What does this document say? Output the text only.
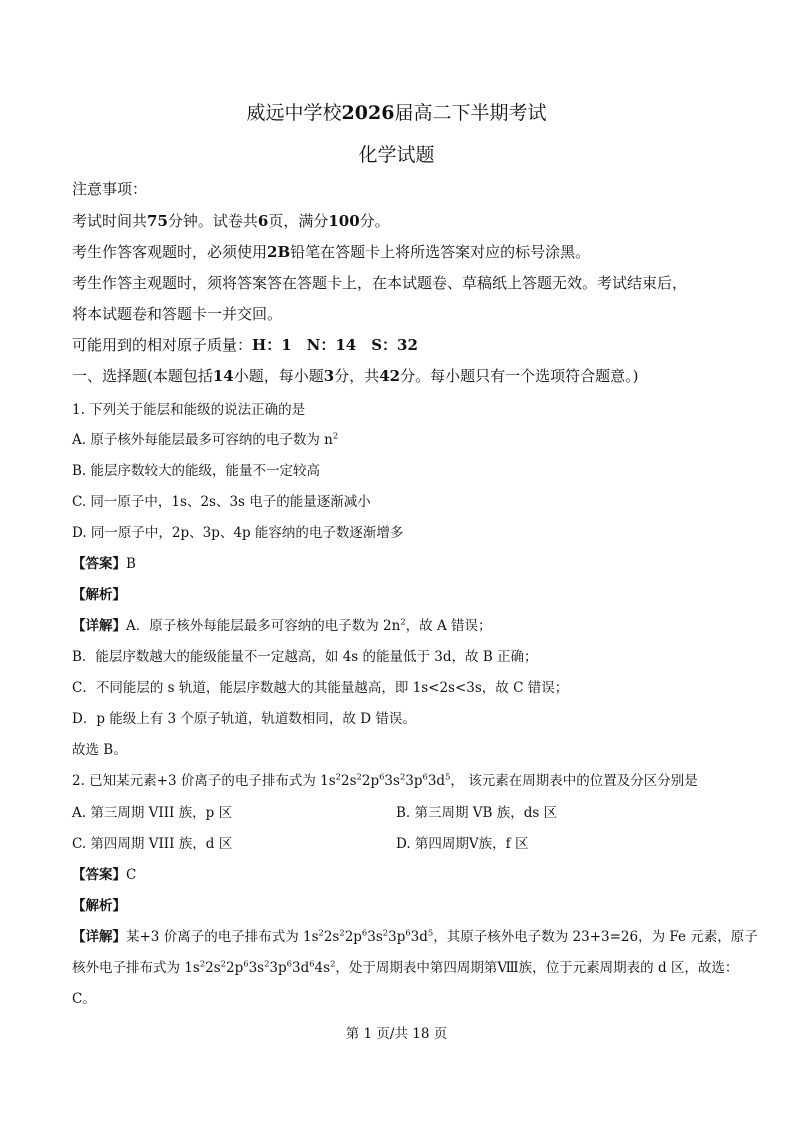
威远中学校2026届高二下半期考试
化学试题
注意事项：
考试时间共75分钟。试卷共6页，满分100分。
考生作答客观题时，必须使用2B铅笔在答题卡上将所选答案对应的标号涂黑。
考生作答主观题时，须将答案答在答题卡上，在本试题卷、草稿纸上答题无效。考试结束后，
将本试题卷和答题卡一并交回。
可能用到的相对原子质量：H：1　N：14　S：32
一、选择题(本题包括14小题，每小题3分，共42分。每小题只有一个选项符合题意。)
1. 下列关于能层和能级的说法正确的是
A. 原子核外每能层最多可容纳的电子数为 $n^2$
B. 能层序数较大的能级，能量不一定较高
C. 同一原子中，1s、2s、3s 电子的能量逐渐减小
D. 同一原子中，2p、3p、4p 能容纳的电子数逐渐增多
【答案】B
【解析】
【详解】A．原子核外每能层最多可容纳的电子数为 $2n^2$，故 A 错误；
B．能层序数越大的能级能量不一定越高，如 4s 的能量低于 3d，故 B 正确；
C．不同能层的 s 轨道，能层序数越大的其能量越高，即 1s<2s<3s，故 C 错误；
D．p 能级上有 3 个原子轨道，轨道数相同，故 D 错误。
故选 B。
2. 已知某元素+3 价离子的电子排布式为 $1s^22s^22p^63s^23p^63d^5$， 该元素在周期表中的位置及分区分别是
A. 第三周期 VIII 族，p 区	B. 第三周期 VB 族，ds 区
C. 第四周期 VIII 族，d 区	D. 第四周期Ⅴ族，f 区
【答案】C
【解析】
【详解】某+3 价离子的电子排布式为 $1s^22s^22p^63s^23p^63d^5$，其原子核外电子数为 23+3=26，为 Fe 元素，原子
核外电子排布式为 $1s^22s^22p^63s^23p^63d^64s^2$，处于周期表中第四周期第Ⅷ族，位于元素周期表的 d 区，故选：
C。
第 1 页/共 18 页
